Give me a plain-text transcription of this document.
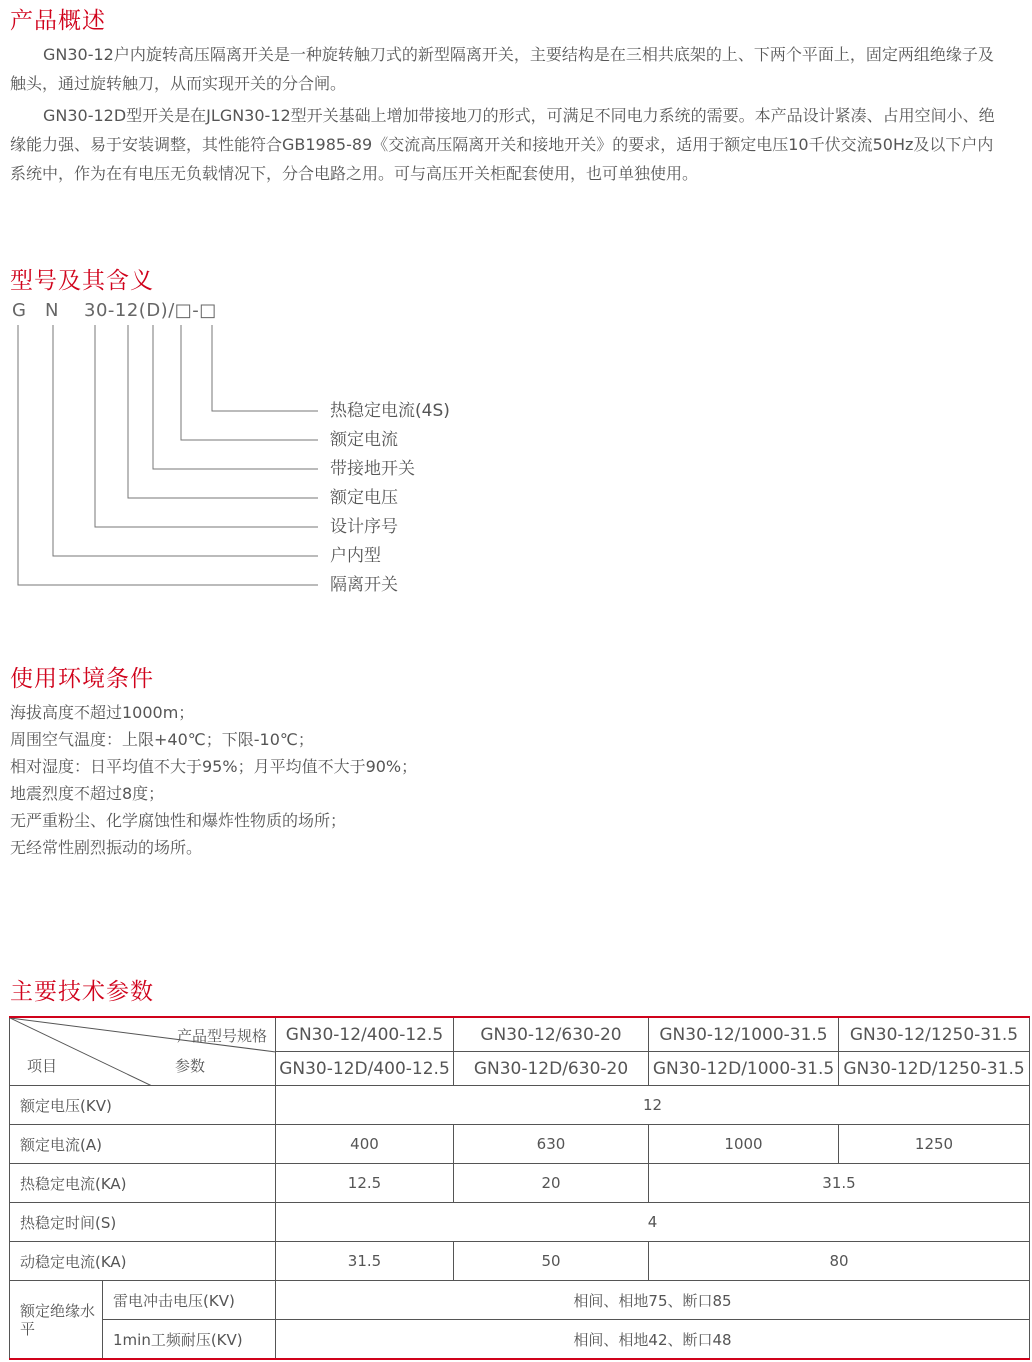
产品概述

GN30-12户内旋转高压隔离开关是一种旋转触刀式的新型隔离开关，主要结构是在三相共底架的上、下两个平面上，固定两组绝缘子及触头，通过旋转触刀，从而实现开关的分合闸。

GN30-12D型开关是在JLGN30-12型开关基础上增加带接地刀的形式，可满足不同电力系统的需要。本产品设计紧凑、占用空间小、绝缘能力强、易于安装调整，其性能符合GB1985-89《交流高压隔离开关和接地开关》的要求，适用于额定电压10千伏交流50Hz及以下户内系统中，作为在有电压无负载情况下，分合电路之用。可与高压开关柜配套使用，也可单独使用。

型号及其含义
G N 30-12(D)/□-□
热稳定电流(4S)
额定电流
带接地开关
额定电压
设计序号
户内型
隔离开关
使用环境条件
海拔高度不超过1000m；
周围空气温度：上限+40℃；下限-10℃；
相对湿度：日平均值不大于95%；月平均值不大于90%；
地震烈度不超过8度；
无严重粉尘、化学腐蚀性和爆炸性物质的场所；
无经常性剧烈振动的场所。
主要技术参数
产品型号规格
参数
项目		GN30-12/400-12.5	GN30-12/630-20	GN30-12/1000-31.5	GN30-12/1250-31.5
		GN30-12D/400-12.5	GN30-12D/630-20	GN30-12D/1000-31.5	GN30-12D/1250-31.5
额定电压(KV)		12			
额定电流(A)		400	630	1000	1250
热稳定电流(KA)		12.5	20	31.5	
热稳定时间(S)		4			
动稳定电流(KA)		31.5	50	80	
额定绝缘水平	雷电冲击电压(KV)	相间、相地75、断口85			
	1min工频耐压(KV)	相间、相地42、断口48			
